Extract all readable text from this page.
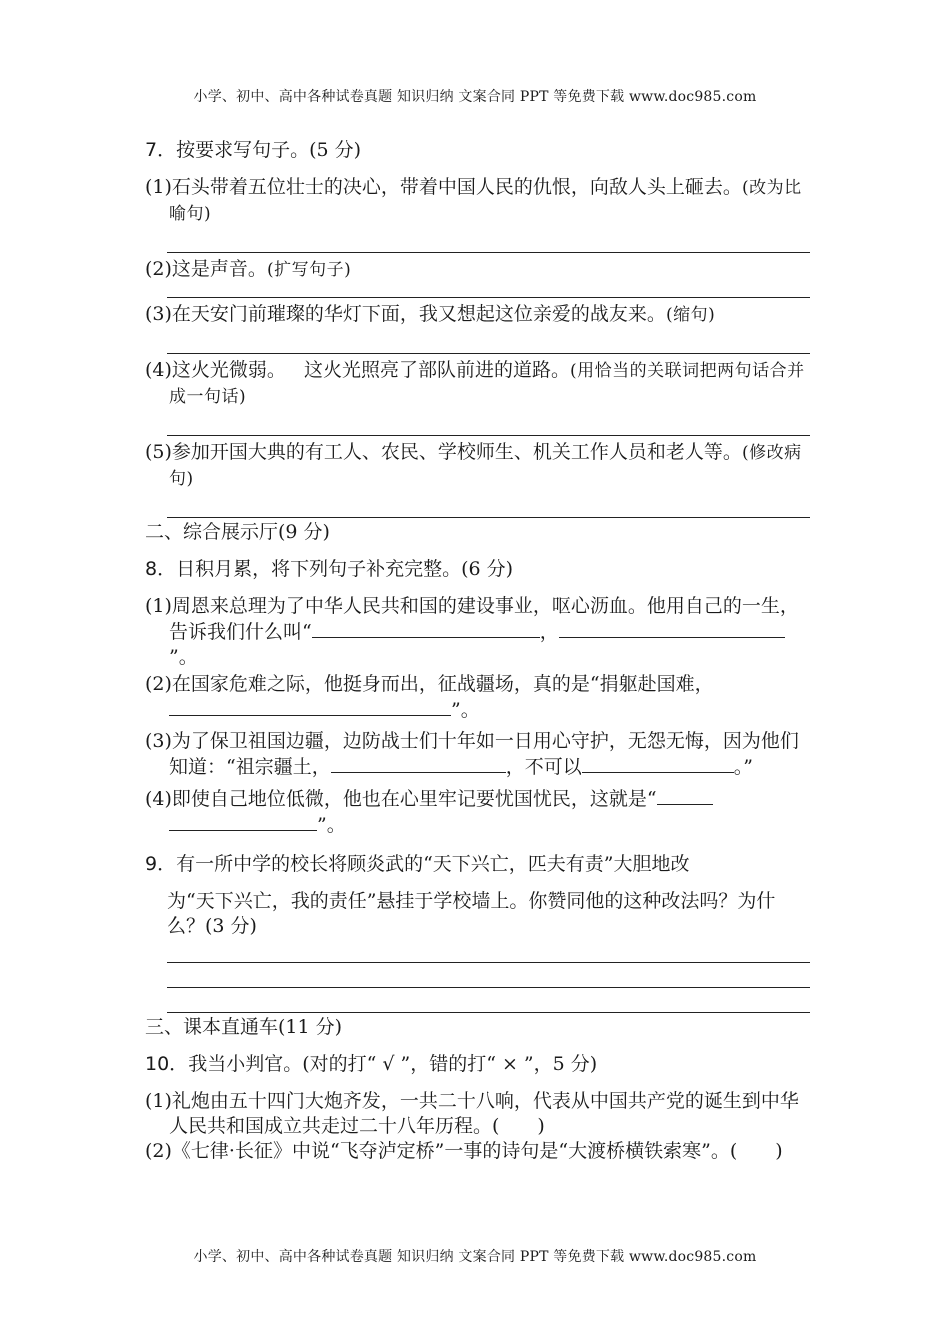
小学、初中、高中各种试卷真题 知识归纳 文案合同 PPT 等免费下载 www.doc985.com

7．按要求写句子。(5 分)

(1)石头带着五位壮士的决心，带着中国人民的仇恨，向敌人头上砸去。(改为比喻句)

(2)这是声音。(扩写句子)

(3)在天安门前璀璨的华灯下面，我又想起这位亲爱的战友来。(缩句)

(4)这火光微弱。   这火光照亮了部队前进的道路。(用恰当的关联词把两句话合并成一句话)

(5)参加开国大典的有工人、农民、学校师生、机关工作人员和老人等。(修改病句)

二、综合展示厅(9 分)

8．日积月累，将下列句子补充完整。(6 分)

(1)周恩来总理为了中华人民共和国的建设事业，呕心沥血。他用自己的一生，告诉我们什么叫“	，”。

(2)在国家危难之际，他挺身而出，征战疆场，真的是“捐躯赴国难，”。

(3)为了保卫祖国边疆，边防战士们十年如一日用心守护，无怨无悔，因为他们知道：“祖宗疆土，	，不可以	。”

(4)即使自己地位低微，他也在心里牢记要忧国忧民，这就是“”。

9．有一所中学的校长将顾炎武的“天下兴亡，匹夫有责”大胆地改

为“天下兴亡，我的责任”悬挂于学校墙上。你赞同他的这种改法吗？为什么？(3 分)

三、课本直通车(11 分)

10．我当小判官。(对的打“ √ ”，错的打“ × ”，5 分)

(1)礼炮由五十四门大炮齐发，一共二十八响，代表从中国共产党的诞生到中华人民共和国成立共走过二十八年历程。(　　)

(2)《七律·长征》中说“飞夺泸定桥”一事的诗句是“大渡桥横铁索寒”。(　　)

小学、初中、高中各种试卷真题 知识归纳 文案合同 PPT 等免费下载 www.doc985.com
